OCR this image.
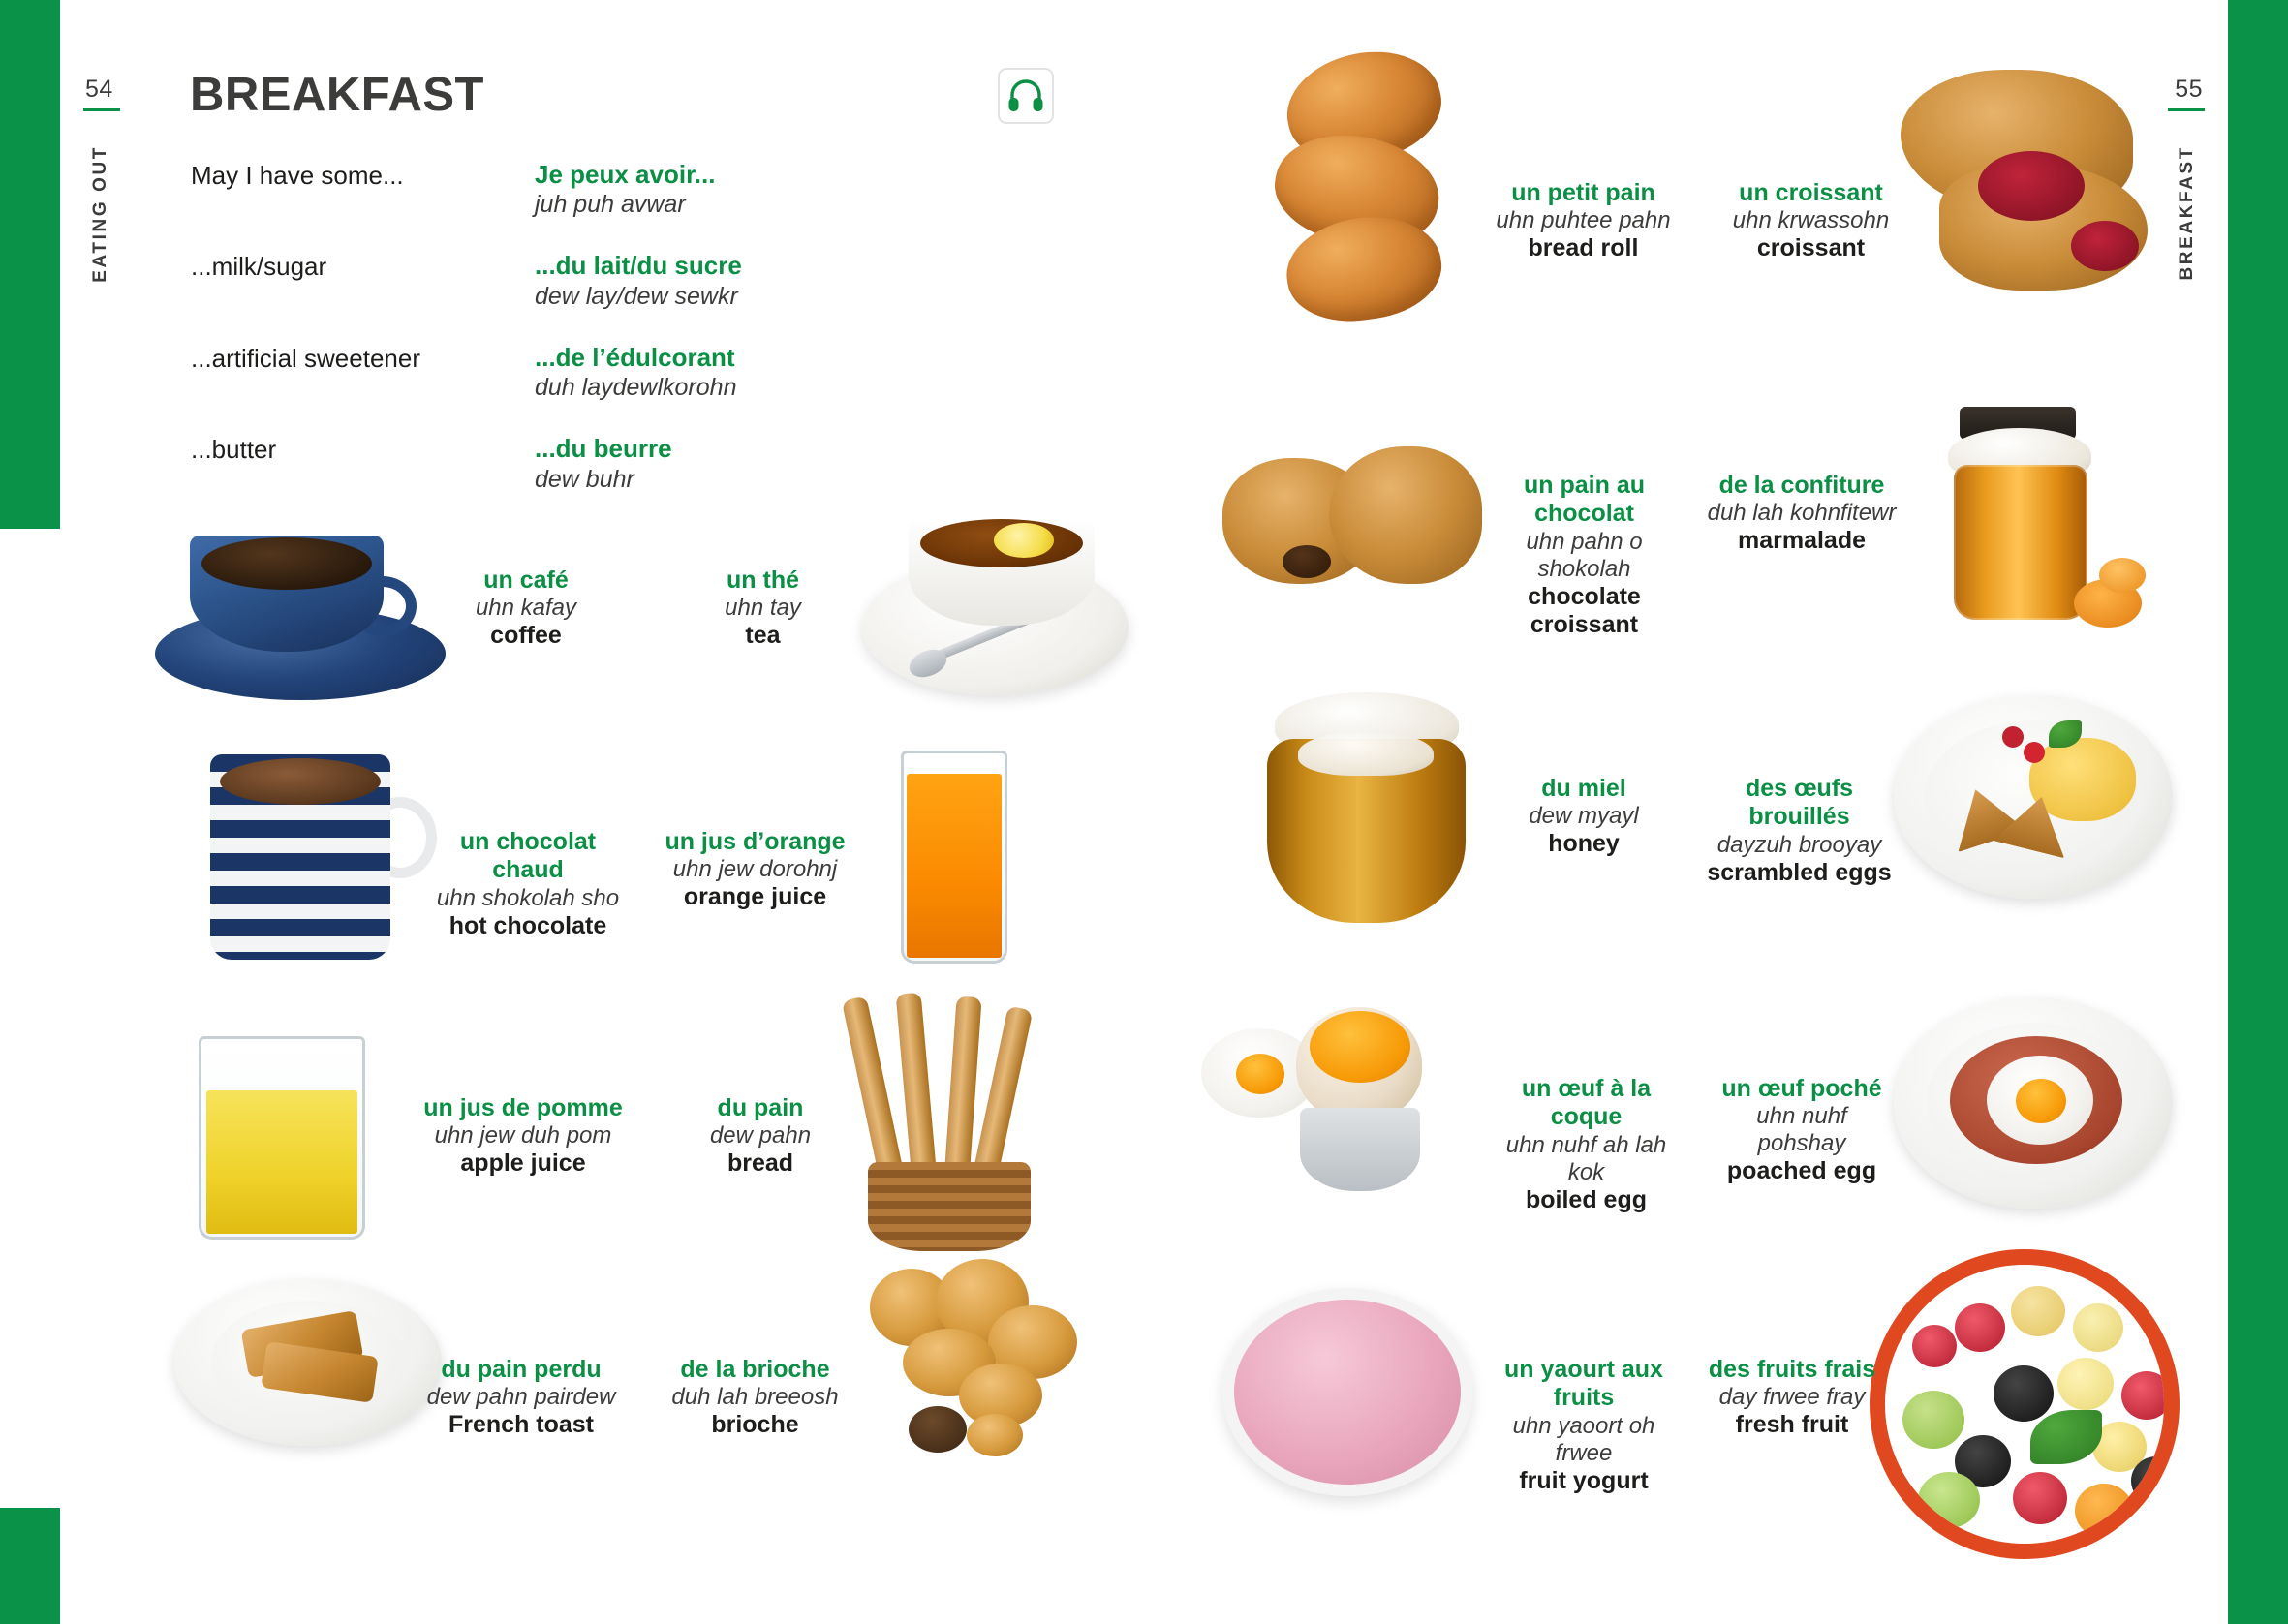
54
EATING OUT
55
BREAKFAST
BREAKFAST
May I have some...	Je peux avoir...
juh puh avwar
...milk/sugar	...du lait/du sucre
dew lay/dew sewkr
...artificial sweetener	...de l’édulcorant
duh laydewlkorohn
...butter	...du beurre
dew buhr
un café
uhn kafay
coffee
un thé
uhn tay
tea
un chocolat chaud
uhn shokolah sho
hot chocolate
un jus d’orange
uhn jew dorohnj
orange juice
un jus de pomme
uhn jew duh pom
apple juice
du pain
dew pahn
bread
du pain perdu
dew pahn pairdew
French toast
de la brioche
duh lah breeosh
brioche
un petit pain
uhn puhtee pahn
bread roll
un croissant
uhn krwassohn
croissant
un pain au chocolat
uhn pahn o shokolah
chocolate croissant
de la confiture
duh lah kohnfitewr
marmalade
du miel
dew myayl
honey
des œufs brouillés
dayzuh brooyay
scrambled eggs
un œuf à la coque
uhn nuhf ah lah kok
boiled egg
un œuf poché
uhn nuhf pohshay
poached egg
un yaourt aux fruits
uhn yaoort oh frwee
fruit yogurt
des fruits frais
day frwee fray
fresh fruit
